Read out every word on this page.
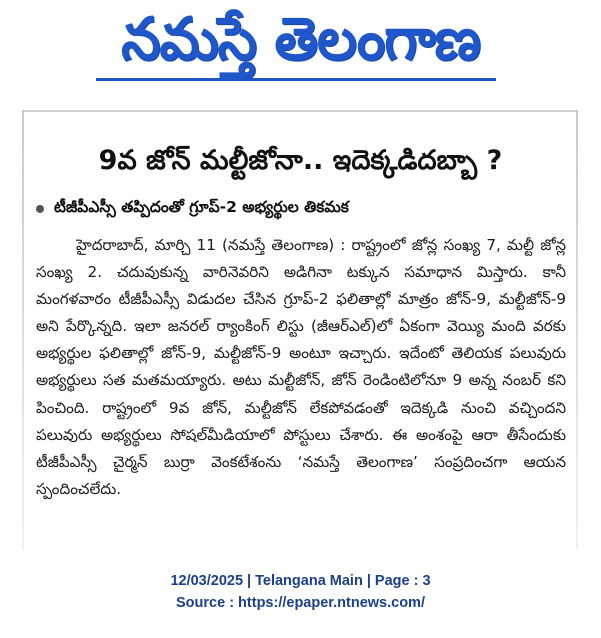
నమస్తే తెలంగాణ
9వ జోన్ మల్టీజోనా.. ఇదెక్కడిదబ్బా ?
టీజీపీఎస్సీ తప్పిదంతో గ్రూప్‌-2 అభ్యర్థుల తికమక
హైదరాబాద్‌, మార్చి 11 (నమస్తే తెలంగాణ) : రాష్ట్రంలో జోన్ల సంఖ్య 7, మల్టీ జోన్ల సంఖ్య 2. చదువుకున్న వారినెవరిని అడిగినా టక్కున సమాధాన మిస్తారు. కానీ మంగళవారం టీజీపీఎస్సీ విడుదల చేసిన గ్రూప్‌-2 ఫలితాల్లో మాత్రం జోన్‌-9, మల్టీజోన్‌-9 అని పేర్కొన్నది. ఇలా జనరల్‌ ర్యాంకింగ్‌ లిస్టు (జీఆర్‌ఎల్‌)లో ఏకంగా వెయ్యి మంది వరకు అభ్యర్థుల ఫలితాల్లో జోన్‌-9, మల్టీజోన్‌-9 అంటూ ఇచ్చారు. ఇదేంటో తెలియక పలువురు అభ్యర్థులు సత మతమయ్యారు. అటు మల్టీజోన్‌, జోన్‌ రెండింటిలోనూ 9 అన్న నంబర్‌ కని పించింది. రాష్ట్రంలో 9వ జోన్‌, మల్టీజోన్‌ లేకపోవడంతో ఇదెక్కడి నుంచి వచ్చిందని పలువురు అభ్యర్థులు సోషల్‌మీడియాలో పోస్టులు చేశారు. ఈ అంశంపై ఆరా తీసేందుకు టీజీపీఎస్సీ చైర్మన్‌ బుర్రా వెంకటేశంను ‘నమస్తే తెలంగాణ’ సంప్రదించగా ఆయన స్పందించలేదు.
12/03/2025 | Telangana Main | Page : 3
Source : https://epaper.ntnews.com/
